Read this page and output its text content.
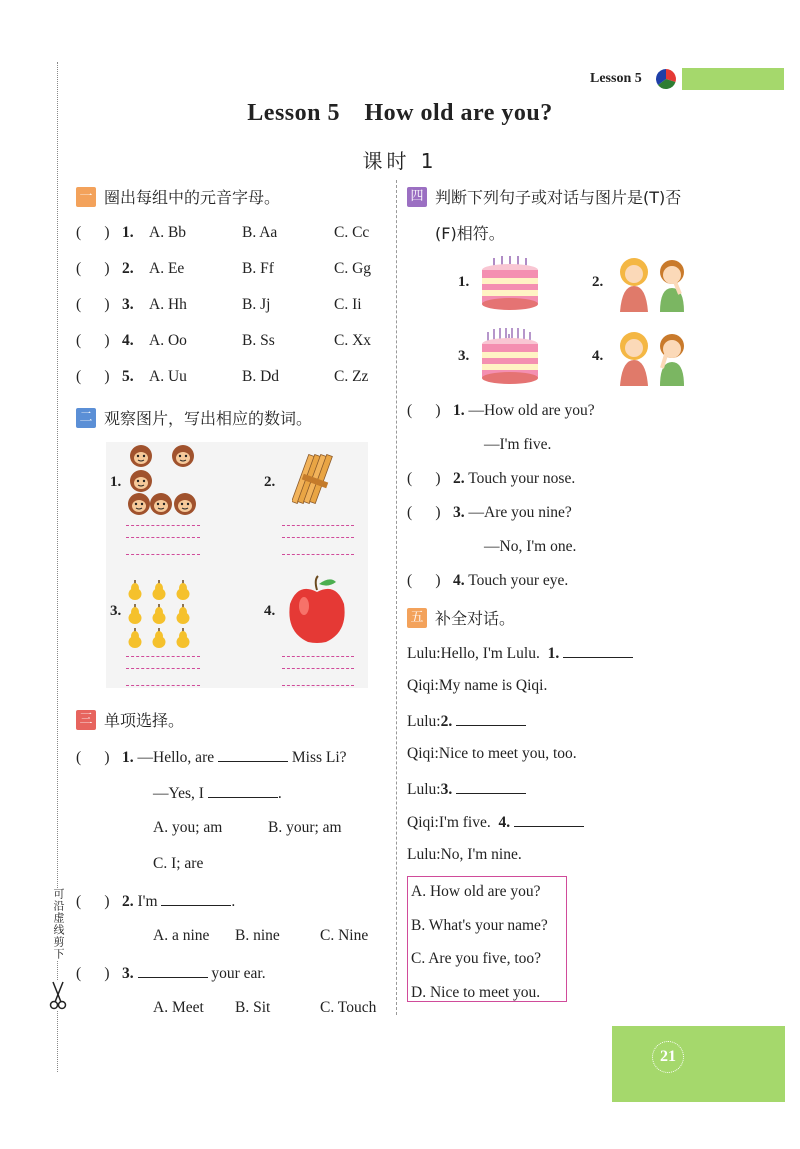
可沿虚线剪下
Lesson 5
Lesson 5 How old are you?
课时 1
一 圈出每组中的元音字母。
(      ) 1. A. Bb	B. Aa	C. Cc
(      ) 2. A. Ee	B. Ff	C. Gg
(      ) 3. A. Hh	B. Jj	C. Ii
(      ) 4. A. Oo	B. Ss	C. Xx
(      ) 5. A. Uu	B. Dd	C. Zz
二 观察图片，写出相应的数词。
1.	2.
3.	4.
三 单项选择。
(      ) 1. —Hello, are	Miss Li?
—Yes, I	.
A. you; am	B. your; am
C. I; are
(      ) 2. I'm	.
A. a nine B. nine	C. Nine
(      ) 3.	your ear.
A. Meet B. Sit	C. Touch
四 判断下列句子或对话与图片是(T)否
(F)相符。
1.	2.
3.	4.
(      ) 1. —How old are you?
—I'm five.
(      ) 2. Touch your nose.
(      ) 3. —Are you nine?
—No, I'm one.
(      ) 4. Touch your eye.
五 补全对话。
Lulu:Hello, I'm Lulu. 1.
Qiqi:My name is Qiqi.
Lulu:2.
Qiqi:Nice to meet you, too.
Lulu:3.
Qiqi:I'm five. 4.
Lulu:No, I'm nine.
A. How old are you?
B. What's your name?
C. Are you five, too?
D. Nice to meet you.
21
